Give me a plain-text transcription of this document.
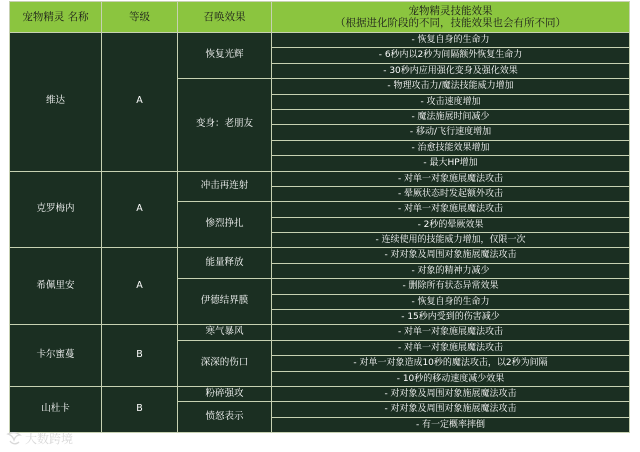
宠物精灵 名称	等级	召唤效果	宠物精灵技能效果
（根据进化阶段的不同，技能效果也会有所不同）

维达	A	恢复光辉	- 恢复自身的生命力
			- 6秒内以2秒为间隔额外恢复生命力
			- 30秒内应用强化变身及强化效果
		变身：老朋友	- 物理攻击力/魔法技能威力增加
			- 攻击速度增加
			- 魔法施展时间减少
			- 移动/飞行速度增加
			- 治愈技能效果增加
			- 最大HP增加
克罗梅内	A	冲击再连射	- 对单一对象施展魔法攻击
			- 晕厥状态时发起额外攻击
		惨烈挣扎	- 对单一对象施展魔法攻击
			- 2秒的晕厥效果
			- 连续使用的技能威力增加，仅限一次
希佩里安	A	能量释放	- 对对象及周围对象施展魔法攻击
			- 对象的精神力减少
		伊德结界膜	- 删除所有状态异常效果
			- 恢复自身的生命力
			- 15秒内受到的伤害减少
卡尔蜜蔓	B	寒气暴风	- 对单一对象施展魔法攻击
		深深的伤口	- 对单一对象施展魔法攻击
			- 对单一对象造成10秒的魔法攻击，以2秒为间隔
			- 10秒的移动速度减少效果
山杜卡	B	粉碎强攻	- 对对象及周围对象施展魔法攻击
		愤怒表示	- 对对象及周围对象施展魔法攻击
			- 有一定概率摔倒
大数跨境
